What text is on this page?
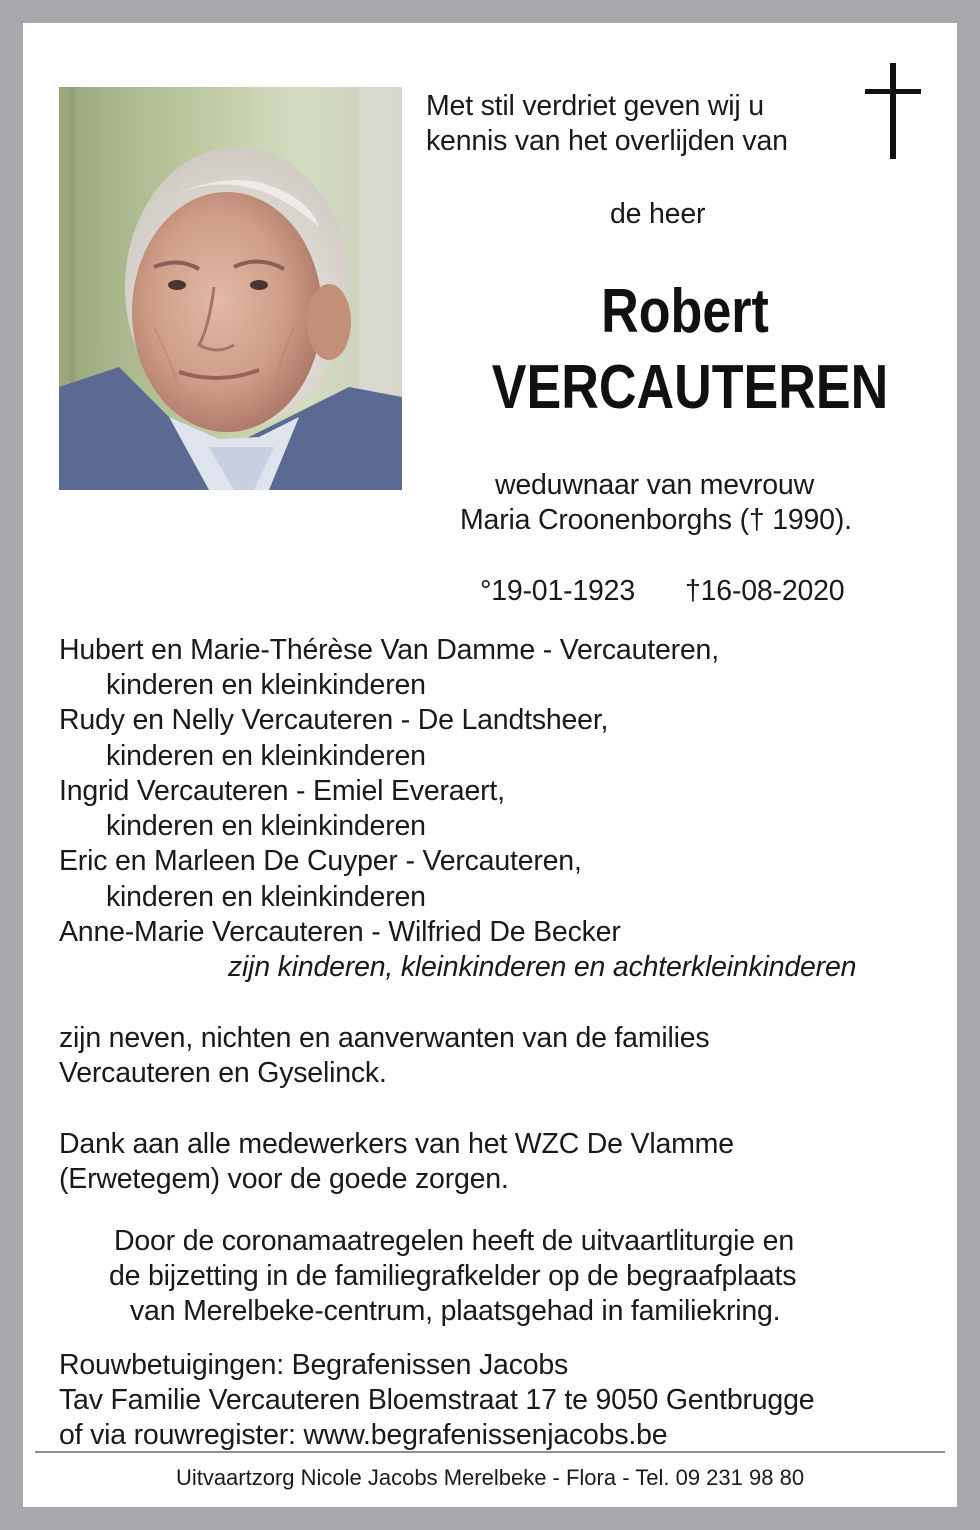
Met stil verdriet geven wij u
kennis van het overlijden van
de heer
Robert
VERCAUTEREN
weduwnaar van mevrouw
Maria Croonenborghs († 1990).
°19-01-1923 †16-08-2020
Hubert en Marie-Thérèse Van Damme - Vercauteren,
kinderen en kleinkinderen
Rudy en Nelly Vercauteren - De Landtsheer,
kinderen en kleinkinderen
Ingrid Vercauteren - Emiel Everaert,
kinderen en kleinkinderen
Eric en Marleen De Cuyper - Vercauteren,
kinderen en kleinkinderen
Anne-Marie Vercauteren - Wilfried De Becker
zijn kinderen, kleinkinderen en achterkleinkinderen
zijn neven, nichten en aanverwanten van de families
Vercauteren en Gyselinck.
Dank aan alle medewerkers van het WZC De Vlamme
(Erwetegem) voor de goede zorgen.
Door de coronamaatregelen heeft de uitvaartliturgie en
de bijzetting in de familiegrafkelder op de begraafplaats
van Merelbeke-centrum, plaatsgehad in familiekring.
Rouwbetuigingen: Begrafenissen Jacobs
Tav Familie Vercauteren Bloemstraat 17 te 9050 Gentbrugge
of via rouwregister: www.begrafenissenjacobs.be
Uitvaartzorg Nicole Jacobs Merelbeke - Flora - Tel. 09 231 98 80
